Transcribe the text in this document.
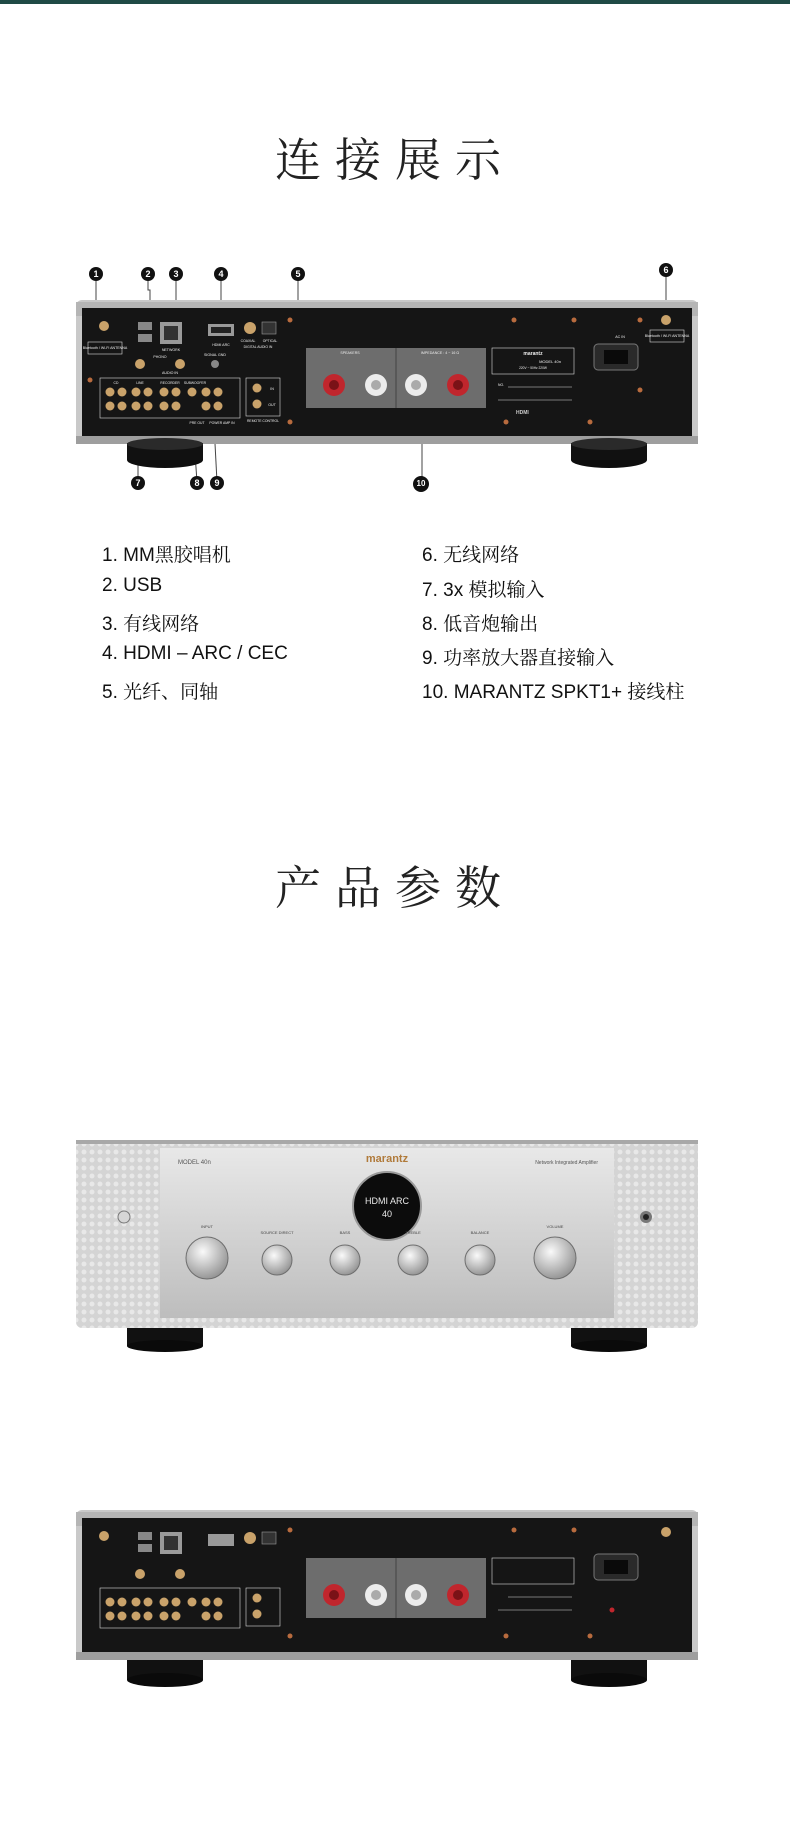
连接展示
Bluetooth / Wi-Fi ANTENNA	NETWORK
HDMI ARC
COAXIAL OPTICAL
DIGITAL AUDIO IN
PHONO	SIGNAL GND
AUDIO IN
CD	LINE	RECORDER SUBWOOFER
PRE OUT POWER AMP IN
IN
OUT
REMOTE CONTROL
SPEAKERS	IMPEDANCE : 4 ~ 16 Ω	marantz
MODEL 40n
220V ~ 50Hz 220W
NO.
HDMI
AC IN	Bluetooth / Wi-Fi ANTENNA
1	2	3	4	5	6
7	8	9	10
1. MM黑胶唱机
2. USB
3. 有线网络
4. HDMI – ARC / CEC
5. 光纤、同轴
6. 无线网络
7. 3x 模拟输入
8. 低音炮输出
9. 功率放大器直接输入
10. MARANTZ SPKT1+ 接线柱
产品参数
HDMI ARC
40
marantz
MODEL 40n	Network Integrated Amplifier
INPUT
SOURCE DIRECT	BASS	TREBLE	BALANCE
VOLUME
